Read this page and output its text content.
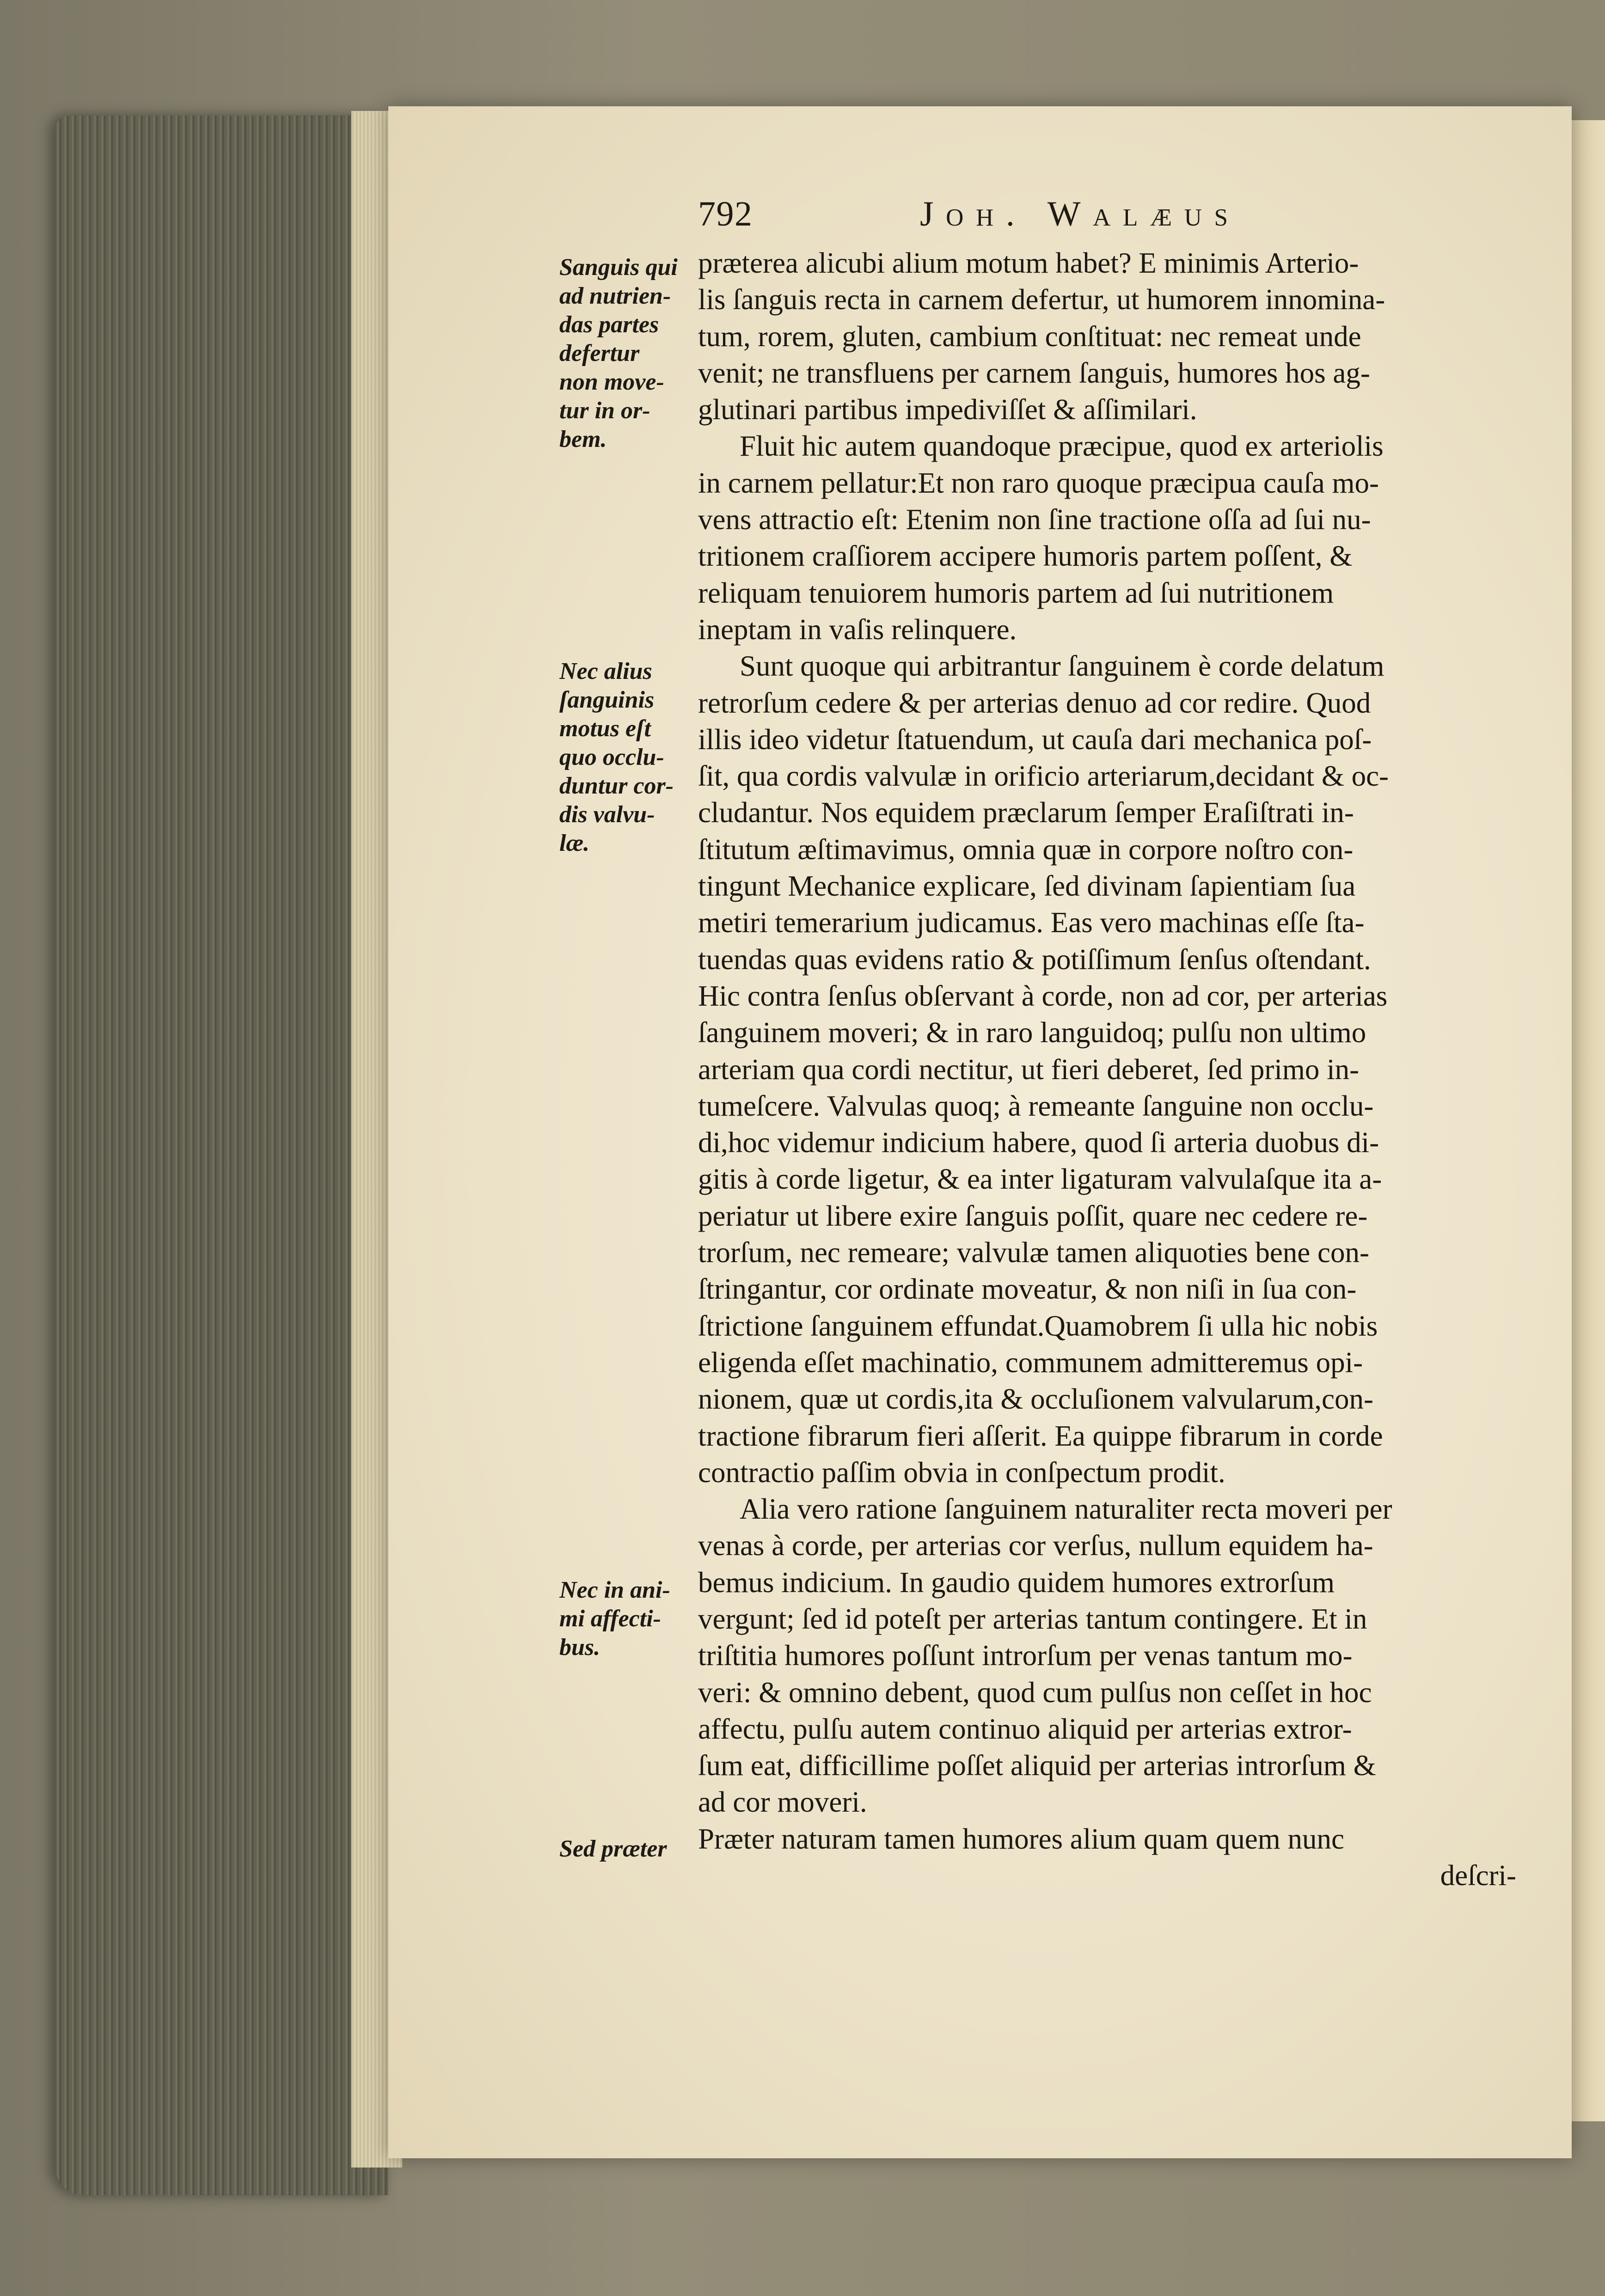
792	Joh. Walæus
Sanguis qui
ad nutrien-
das partes
defertur
non move-
tur in or-
bem.
Nec alius
ſanguinis
motus eſt
quo occlu-
duntur cor-
dis valvu-
læ.
Nec in ani-
mi affecti-
bus.
Sed præter
præterea alicubi alium motum habet? E minimis Arterio-
lis ſanguis recta in carnem defertur, ut humorem innomina-
tum, rorem, gluten, cambium conſtituat: nec remeat unde
venit; ne transfluens per carnem ſanguis, humores hos ag-
glutinari partibus impediviſſet & aſſimilari.
Fluit hic autem quandoque præcipue, quod ex arteriolis
in carnem pellatur:Et non raro quoque præcipua cauſa mo-
vens attractio eſt: Etenim non ſine tractione oſſa ad ſui nu-
tritionem craſſiorem accipere humoris partem poſſent, &
reliquam tenuiorem humoris partem ad ſui nutritionem
ineptam in vaſis relinquere.
Sunt quoque qui arbitrantur ſanguinem è corde delatum
retrorſum cedere & per arterias denuo ad cor redire. Quod
illis ideo videtur ſtatuendum, ut cauſa dari mechanica poſ-
ſit, qua cordis valvulæ in orificio arteriarum,decidant & oc-
cludantur. Nos equidem præclarum ſemper Eraſiſtrati in-
ſtitutum æſtimavimus, omnia quæ in corpore noſtro con-
tingunt Mechanice explicare, ſed divinam ſapientiam ſua
metiri temerarium judicamus. Eas vero machinas eſſe ſta-
tuendas quas evidens ratio & potiſſimum ſenſus oſtendant.
Hic contra ſenſus obſervant à corde, non ad cor, per arterias
ſanguinem moveri; & in raro languidoq; pulſu non ultimo
arteriam qua cordi nectitur, ut fieri deberet, ſed primo in-
tumeſcere. Valvulas quoq; à remeante ſanguine non occlu-
di,hoc videmur indicium habere, quod ſi arteria duobus di-
gitis à corde ligetur, & ea inter ligaturam valvulaſque ita a-
periatur ut libere exire ſanguis poſſit, quare nec cedere re-
trorſum, nec remeare; valvulæ tamen aliquoties bene con-
ſtringantur, cor ordinate moveatur, & non niſi in ſua con-
ſtrictione ſanguinem effundat.Quamobrem ſi ulla hic nobis
eligenda eſſet machinatio, communem admitteremus opi-
nionem, quæ ut cordis,ita & occluſionem valvularum,con-
tractione fibrarum fieri aſſerit. Ea quippe fibrarum in corde
contractio paſſim obvia in conſpectum prodit.
Alia vero ratione ſanguinem naturaliter recta moveri per
venas à corde, per arterias cor verſus, nullum equidem ha-
bemus indicium. In gaudio quidem humores extrorſum
vergunt; ſed id poteſt per arterias tantum contingere. Et in
triſtitia humores poſſunt introrſum per venas tantum mo-
veri: & omnino debent, quod cum pulſus non ceſſet in hoc
affectu, pulſu autem continuo aliquid per arterias extror-
ſum eat, difficillime poſſet aliquid per arterias introrſum &
ad cor moveri.
Præter naturam tamen humores alium quam quem nunc
deſcri-
